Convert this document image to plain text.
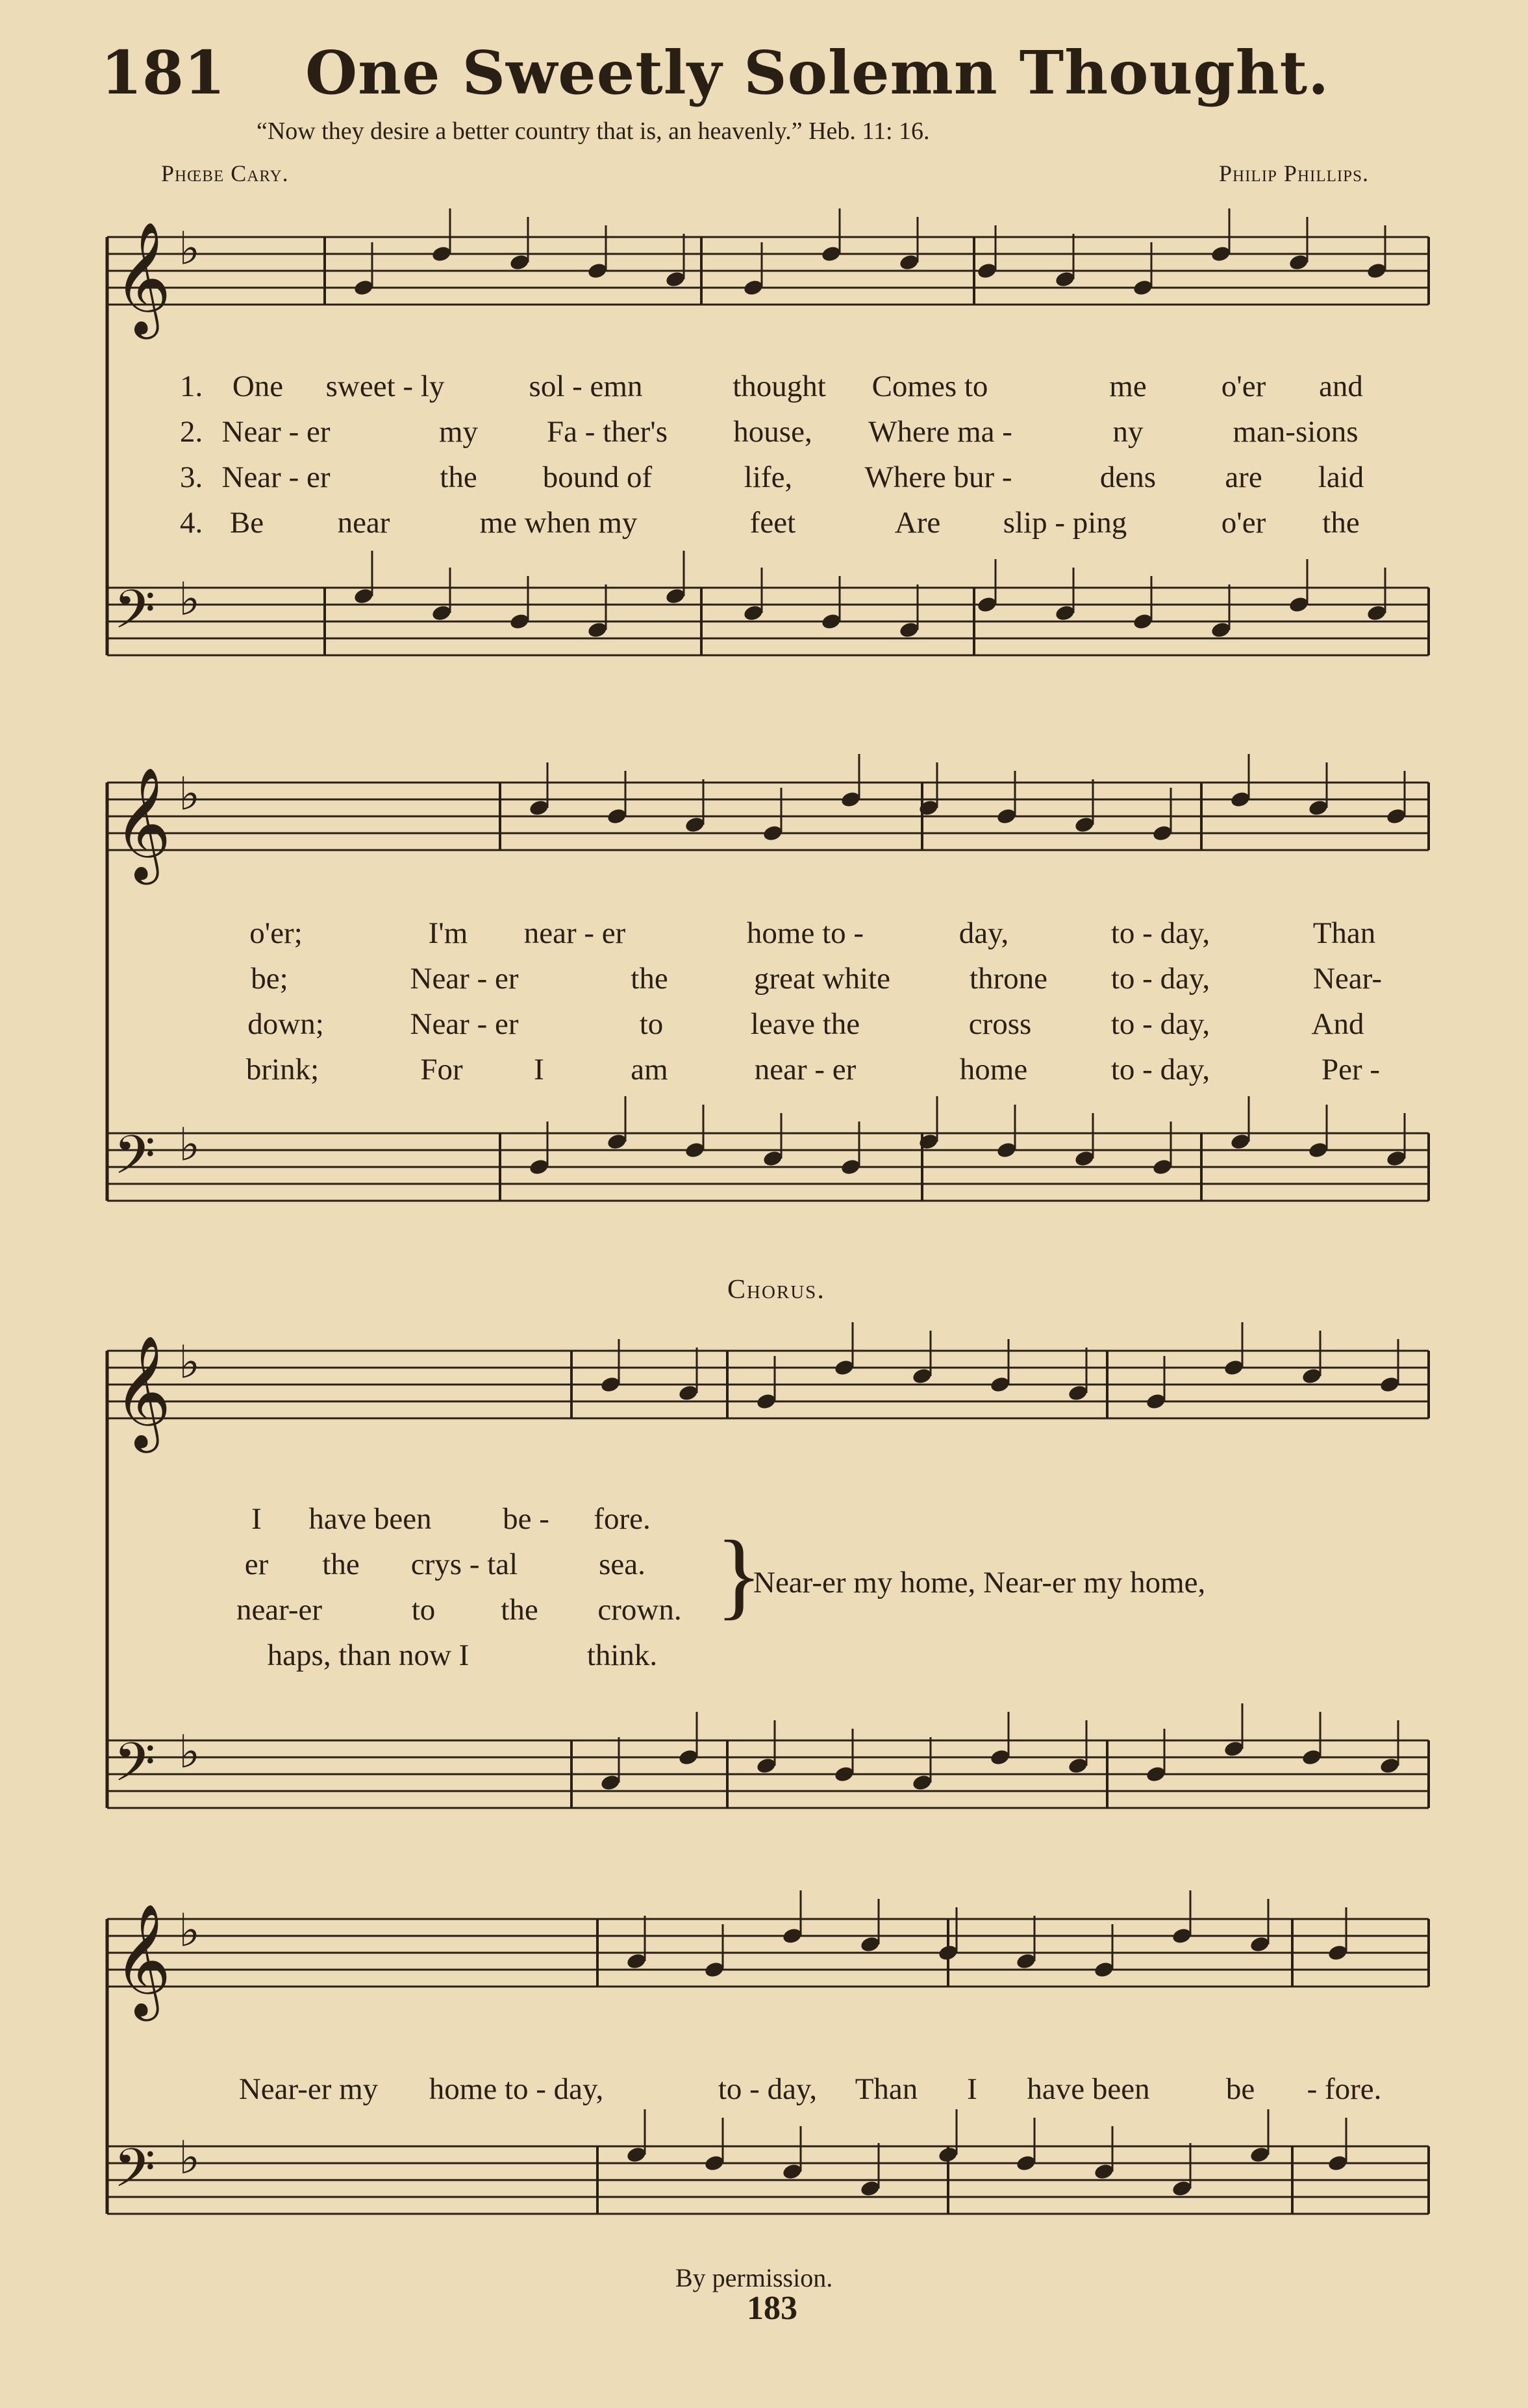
181 One Sweetly Solemn Thought.
“Now they desire a better country that is, an heavenly.” Heb. 11: 16.
Phœbe Cary.	Philip Phillips.
𝄞 ♭
𝄢 ♭
𝄞 ♭
𝄢 ♭
𝄞 ♭
𝄢 ♭
𝄞 ♭
𝄢 ♭
1. One sweet - ly	sol - emn	thought Comes to	me o'er and
2. Near - er	my Fa - ther's house, Where ma -	ny	man-sions
3. Near - er	the bound of	life, Where bur -	dens are laid
4. Be near	me when my	feet	Are slip - ping	o'er the
o'er;	I'm near - er	home to -	day,	to - day,	Than
be;	Near - er	the	great white	throne to - day,	Near-
down;	Near - er	to	leave the	cross	to - day,	And
brink;	For I	am	near - er	home	to - day,	Per -
Chorus.
I have been be - fore.
er the crys - tal	sea.
near-er	to the crown.
haps, than now I	think.
}
Near-er my home, Near-er my home,
Near-er my home to - day,	to - day, Than I have been be - fore.
By permission.
183
